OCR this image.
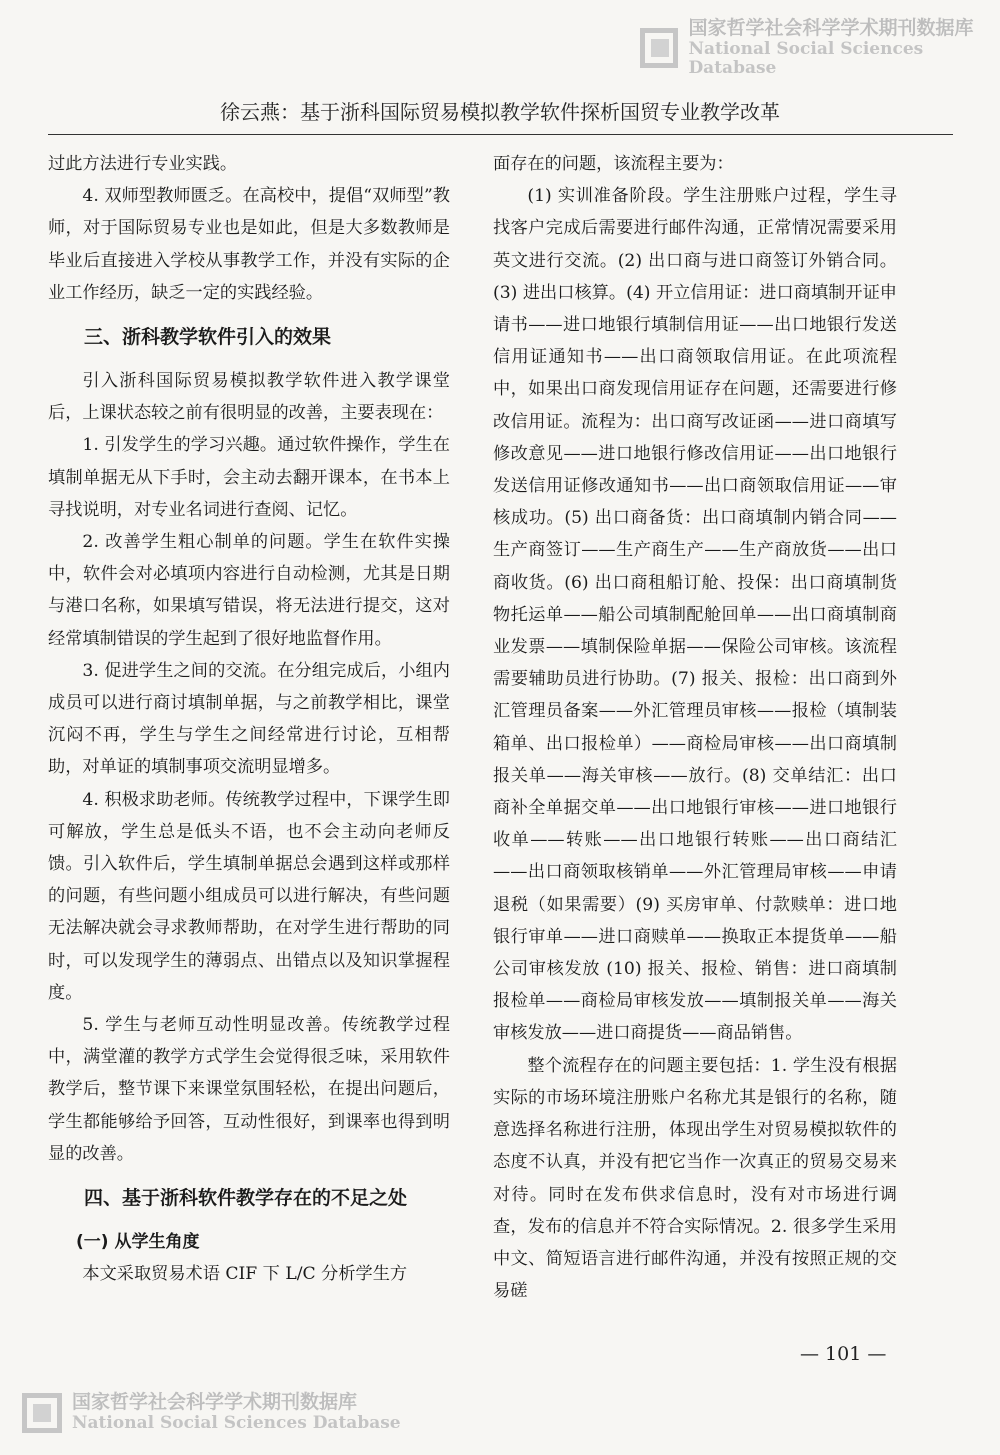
国家哲学社会科学学术期刊数据库
National Social Sciences Database
徐云燕：基于浙科国际贸易模拟教学软件探析国贸专业教学改革

过此方法进行专业实践。

4. 双师型教师匮乏。在高校中，提倡“双师型”教师，对于国际贸易专业也是如此，但是大多数教师是毕业后直接进入学校从事教学工作，并没有实际的企业工作经历，缺乏一定的实践经验。

三、浙科教学软件引入的效果

引入浙科国际贸易模拟教学软件进入教学课堂后，上课状态较之前有很明显的改善，主要表现在：

1. 引发学生的学习兴趣。通过软件操作，学生在填制单据无从下手时，会主动去翻开课本，在书本上寻找说明，对专业名词进行查阅、记忆。

2. 改善学生粗心制单的问题。学生在软件实操中，软件会对必填项内容进行自动检测，尤其是日期与港口名称，如果填写错误，将无法进行提交，这对经常填制错误的学生起到了很好地监督作用。

3. 促进学生之间的交流。在分组完成后，小组内成员可以进行商讨填制单据，与之前教学相比，课堂沉闷不再，学生与学生之间经常进行讨论，互相帮助，对单证的填制事项交流明显增多。

4. 积极求助老师。传统教学过程中，下课学生即可解放，学生总是低头不语，也不会主动向老师反馈。引入软件后，学生填制单据总会遇到这样或那样的问题，有些问题小组成员可以进行解决，有些问题无法解决就会寻求教师帮助，在对学生进行帮助的同时，可以发现学生的薄弱点、出错点以及知识掌握程度。

5. 学生与老师互动性明显改善。传统教学过程中，满堂灌的教学方式学生会觉得很乏味，采用软件教学后，整节课下来课堂氛围轻松，在提出问题后，学生都能够给予回答，互动性很好，到课率也得到明显的改善。

四、基于浙科软件教学存在的不足之处
(一) 从学生角度

本文采取贸易术语 CIF 下 L/C 分析学生方

面存在的问题，该流程主要为：

(1) 实训准备阶段。学生注册账户过程，学生寻找客户完成后需要进行邮件沟通，正常情况需要采用英文进行交流。(2) 出口商与进口商签订外销合同。(3) 进出口核算。(4) 开立信用证：进口商填制开证申请书——进口地银行填制信用证——出口地银行发送信用证通知书——出口商领取信用证。在此项流程中，如果出口商发现信用证存在问题，还需要进行修改信用证。流程为：出口商写改证函——进口商填写修改意见——进口地银行修改信用证——出口地银行发送信用证修改通知书——出口商领取信用证——审核成功。(5) 出口商备货：出口商填制内销合同——生产商签订——生产商生产——生产商放货——出口商收货。(6) 出口商租船订舱、投保：出口商填制货物托运单——船公司填制配舱回单——出口商填制商业发票——填制保险单据——保险公司审核。该流程需要辅助员进行协助。(7) 报关、报检：出口商到外汇管理员备案——外汇管理员审核——报检（填制装箱单、出口报检单）——商检局审核——出口商填制报关单——海关审核——放行。(8) 交单结汇：出口商补全单据交单——出口地银行审核——进口地银行收单——转账——出口地银行转账——出口商结汇——出口商领取核销单——外汇管理局审核——申请退税（如果需要）(9) 买房审单、付款赎单：进口地银行审单——进口商赎单——换取正本提货单——船公司审核发放 (10) 报关、报检、销售：进口商填制报检单——商检局审核发放——填制报关单——海关审核发放——进口商提货——商品销售。

整个流程存在的问题主要包括：1. 学生没有根据实际的市场环境注册账户名称尤其是银行的名称，随意选择名称进行注册，体现出学生对贸易模拟软件的态度不认真，并没有把它当作一次真正的贸易交易来对待。同时在发布供求信息时，没有对市场进行调查，发布的信息并不符合实际情况。2. 很多学生采用中文、简短语言进行邮件沟通，并没有按照正规的交易磋

— 101 —
国家哲学社会科学学术期刊数据库
National Social Sciences Database
